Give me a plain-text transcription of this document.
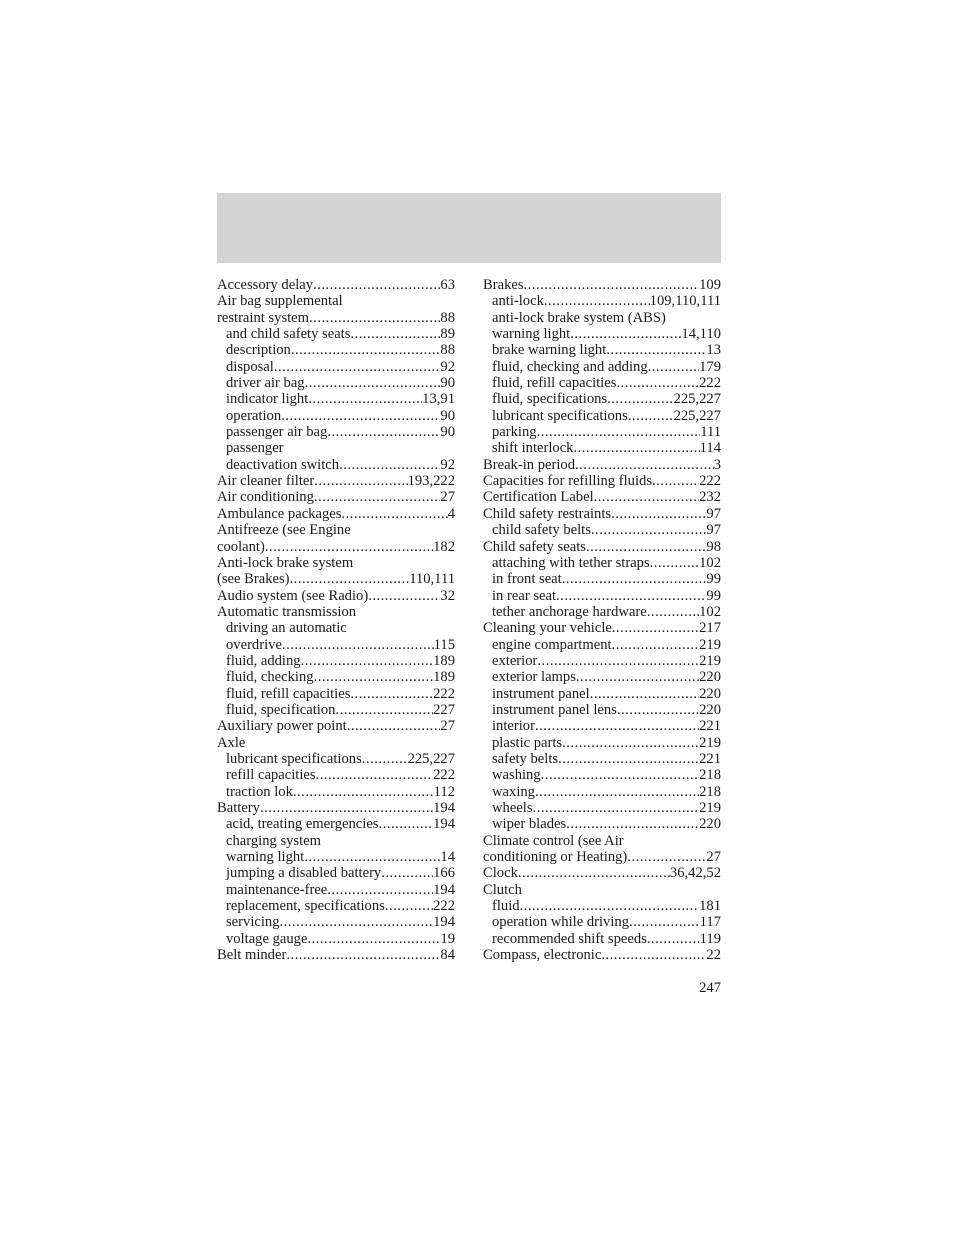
Accessory delay .....	63
Air bag supplemental
restraint system .....	88
and child safety seats .....	89
description .....	88
disposal .....	92
driver air bag .....	90
indicator light .....	13,91
operation .....	90
passenger air bag .....	90
passenger
deactivation switch .....	92
Air cleaner filter .....	193,222
Air conditioning .....	27
Ambulance packages .....	4
Antifreeze (see Engine
coolant) .....	182
Anti-lock brake system
(see Brakes) .....	110,111
Audio system (see Radio) .....	32
Automatic transmission
driving an automatic
overdrive .....	115
fluid, adding .....	189
fluid, checking .....	189
fluid, refill capacities .....	222
fluid, specification .....	227
Auxiliary power point .....	27
Axle
lubricant specifications .....	225,227
refill capacities .....	222
traction lok .....	112
Battery .....	194
acid, treating emergencies .....	194
charging system
warning light .....	14
jumping a disabled battery .....	166
maintenance-free .....	194
replacement, specifications .....	222
servicing .....	194
voltage gauge .....	19
Belt minder .....	84
Brakes .....	109
anti-lock .....	109,110,111
anti-lock brake system (ABS)
warning light .....	14,110
brake warning light .....	13
fluid, checking and adding .....	179
fluid, refill capacities .....	222
fluid, specifications .....	225,227
lubricant specifications .....	225,227
parking .....	111
shift interlock .....	114
Break-in period .....	3
Capacities for refilling fluids .....	222
Certification Label .....	232
Child safety restraints .....	97
child safety belts .....	97
Child safety seats .....	98
attaching with tether straps .....	102
in front seat .....	99
in rear seat .....	99
tether anchorage hardware .....	102
Cleaning your vehicle .....	217
engine compartment .....	219
exterior .....	219
exterior lamps .....	220
instrument panel .....	220
instrument panel lens .....	220
interior .....	221
plastic parts .....	219
safety belts .....	221
washing .....	218
waxing .....	218
wheels .....	219
wiper blades .....	220
Climate control (see Air
conditioning or Heating) .....	27
Clock .....	36,42,52
Clutch
fluid .....	181
operation while driving .....	117
recommended shift speeds .....	119
Compass, electronic .....	22
247
